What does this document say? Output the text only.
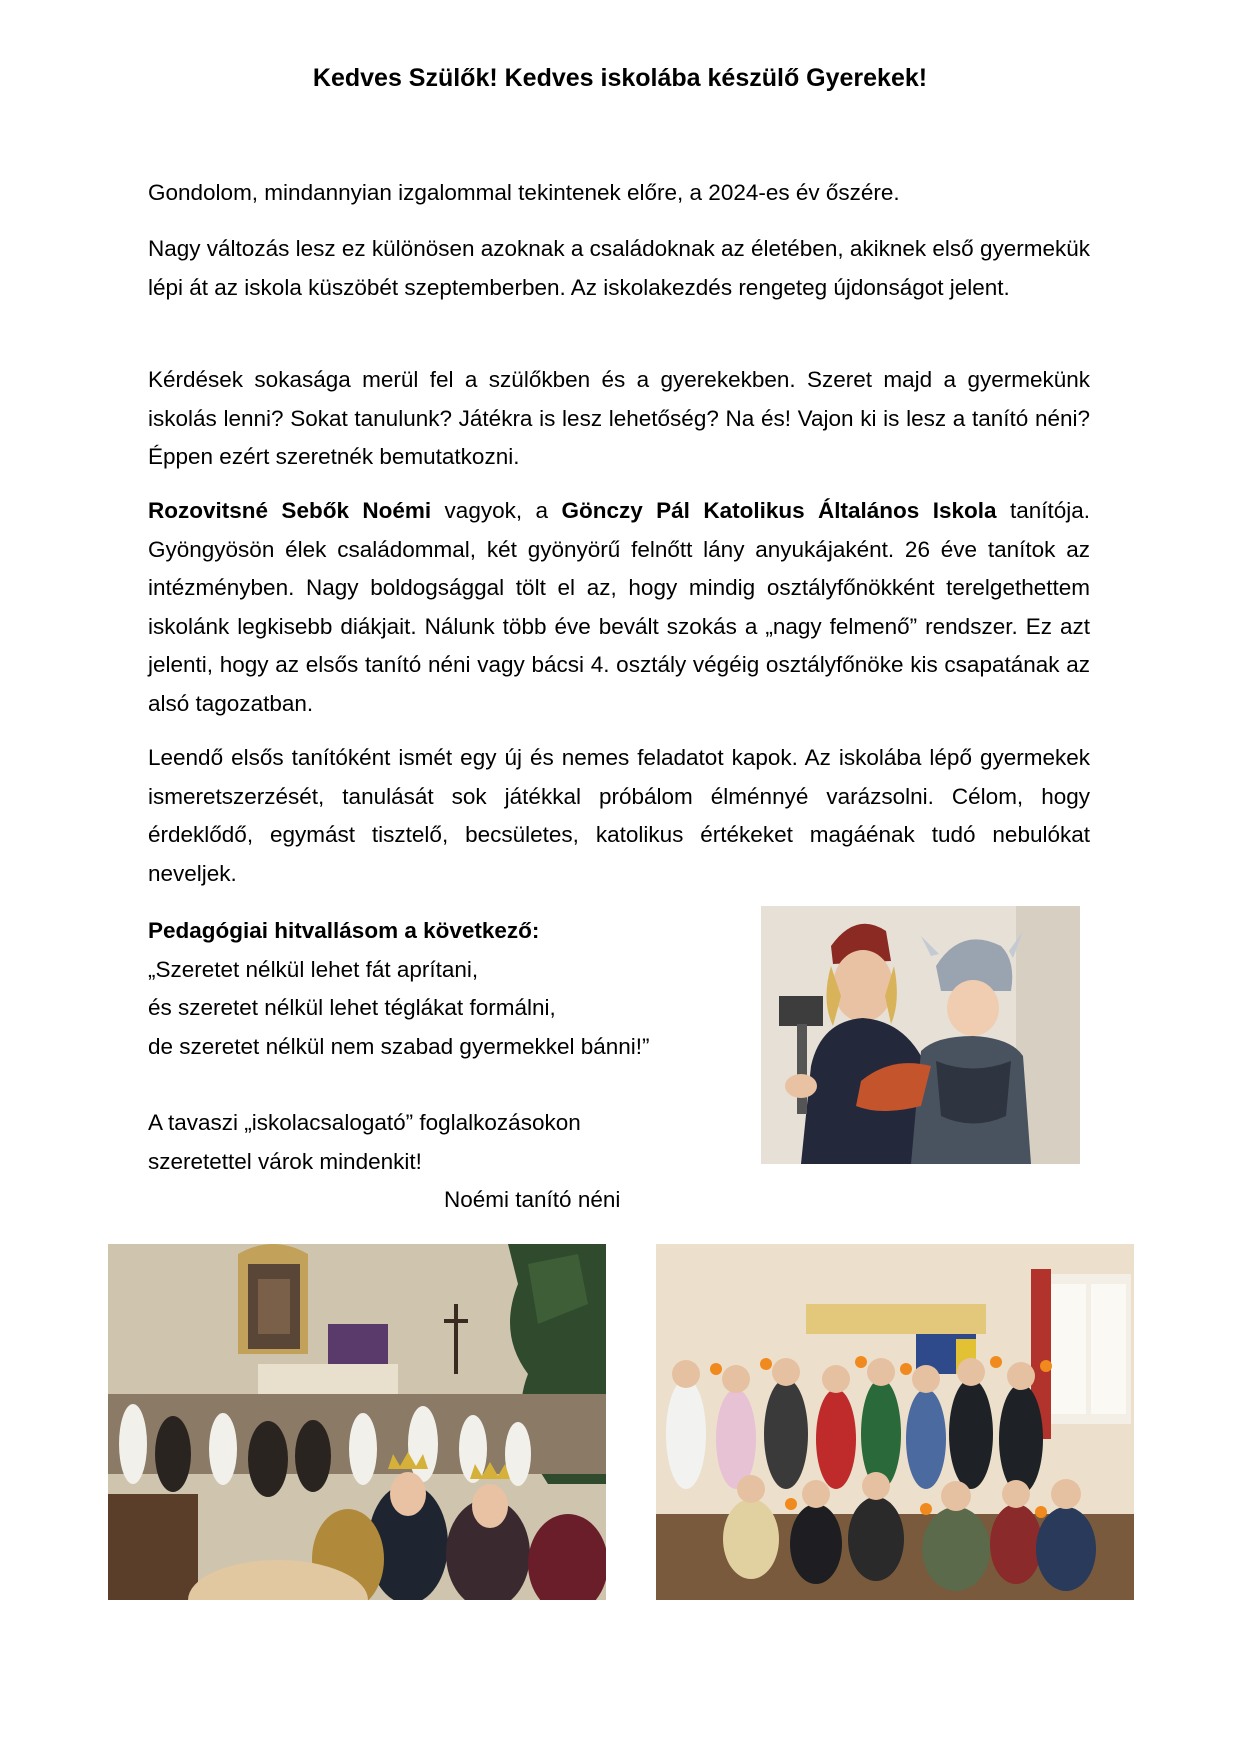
Kedves Szülők! Kedves iskolába készülő Gyerekek!

Gondolom, mindannyian izgalommal tekintenek előre, a 2024-es év őszére.

Nagy változás lesz ez különösen azoknak a családoknak az életében, akiknek első gyermekük lépi át az iskola küszöbét szeptemberben. Az iskolakezdés rengeteg újdonságot jelent.

Kérdések sokasága merül fel a szülőkben és a gyerekekben. Szeret majd a gyermekünk iskolás lenni? Sokat tanulunk? Játékra is lesz lehetőség? Na és! Vajon ki is lesz a tanító néni? Éppen ezért szeretnék bemutatkozni.

Rozovitsné Sebők Noémi vagyok, a Gönczy Pál Katolikus Általános Iskola tanítója. Gyöngyösön élek családommal, két gyönyörű felnőtt lány anyukájaként. 26 éve tanítok az intézményben. Nagy boldogsággal tölt el az, hogy mindig osztályfőnökként terelgethettem iskolánk legkisebb diákjait. Nálunk több éve bevált szokás a „nagy felmenő” rendszer. Ez azt jelenti, hogy az elsős tanító néni vagy bácsi 4. osztály végéig osztályfőnöke kis csapatának az alsó tagozatban.

Leendő elsős tanítóként ismét egy új és nemes feladatot kapok. Az iskolába lépő gyermekek ismeretszerzését, tanulását sok játékkal próbálom élménnyé varázsolni. Célom, hogy érdeklődő, egymást tisztelő, becsületes, katolikus értékeket magáénak tudó nebulókat neveljek.

Pedagógiai hitvallásom a következő:
„Szeretet nélkül lehet fát aprítani,
és szeretet nélkül lehet téglákat formálni,
de szeretet nélkül nem szabad gyermekkel bánni!”
A tavaszi „iskolacsalogató” foglalkozásokon
szeretettel várok mindenkit!
Noémi tanító néni
